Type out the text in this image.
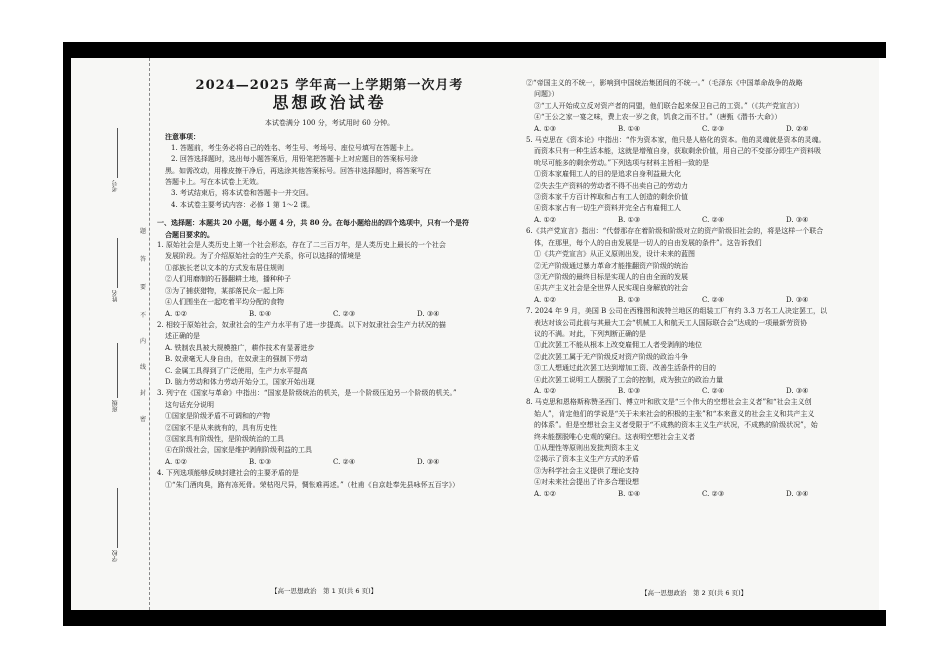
考号
姓名
班级
学校
题
答
要
不
内
线
封
密
2024—2025 学年高一上学期第一次月考
思想政治试卷
本试卷满分 100 分，考试用时 60 分钟。
注意事项：
1. 答题前，考生务必将自己的姓名、考生号、考场号、座位号填写在答题卡上。
2. 回答选择题时，选出每小题答案后，用铅笔把答题卡上对应题目的答案标号涂
黑。如需改动，用橡皮擦干净后，再选涂其他答案标号。回答非选择题时，将答案写在
答题卡上。写在本试卷上无效。
3. 考试结束后，将本试卷和答题卡一并交回。
4. 本试卷主要考试内容：必修 1 第 1～2 课。
一、选择题：本题共 20 小题，每小题 4 分，共 80 分。在每小题给出的四个选项中，只有一个是符
合题目要求的。
1. 原始社会是人类历史上第一个社会形态，存在了二三百万年，是人类历史上最长的一个社会
发展阶段。为了介绍原始社会的生产关系，你可以选择的情境是
①部族长老以文本的方式发布居住规则
②人们用磨制的石器翻耕土地，播种种子
③为了捕获猎物，某部落民众一起上阵
④人们围坐在一起吃着平均分配的食物
A. ①②	B. ①④	C. ②③	D. ③④
2. 相较于原始社会，奴隶社会的生产力水平有了进一步提高。以下对奴隶社会生产力状况的描
述正确的是
A. 铁制农具被大规模推广，耕作技术有显著进步
B. 奴隶毫无人身自由，在奴隶主的强制下劳动
C. 金属工具得到了广泛使用，生产力水平提高
D. 脑力劳动和体力劳动开始分工，国家开始出现
3. 列宁在《国家与革命》中指出：“国家是阶级统治的机关，是一个阶级压迫另一个阶级的机关。”
这句话充分说明
①国家是阶级矛盾不可调和的产物
②国家不是从来就有的，具有历史性
③国家具有阶级性，是阶级统治的工具
④在阶级社会，国家是维护剥削阶级利益的工具
A. ①②	B. ①③	C. ②④	D. ③④
4. 下列选项能够反映封建社会的主要矛盾的是
①“朱门酒肉臭，路有冻死骨。荣枯咫尺异，惆怅难再述。”（杜甫《自京赴奉先县咏怀五百字》）
②“帝国主义的不统一，影响到中国统治集团间的不统一。”（毛泽东《中国革命战争的战略
问题》）
③“工人开始成立反对资产者的同盟，他们联合起来保卫自己的工资。”（《共产党宣言》）
④“王公之家一宴之味，费上农一岁之食，饥食之而不甘。”（唐甄《潜书·大命》）
A. ①③	B. ①④	C. ②③	D. ②④
5. 马克思在《资本论》中指出：“作为资本家，他只是人格化的资本。他的灵魂就是资本的灵魂。
而资本只有一种生活本能，这就是增殖自身，获取剩余价值，用自己的不变部分即生产资料吸
吮尽可能多的剩余劳动。”下列选项与材料主旨相一致的是
①资本家雇佣工人的目的是追求自身利益最大化
②失去生产资料的劳动者不得不出卖自己的劳动力
③资本家千方百计榨取和占有工人创造的剩余价值
④资本家占有一切生产资料并完全占有雇佣工人
A. ①②	B. ①③	C. ②④	D. ③④
6.《共产党宣言》指出：“代替那存在着阶级和阶级对立的资产阶级旧社会的，将是这样一个联合
体，在那里，每个人的自由发展是一切人的自由发展的条件”。这告诉我们
①《共产党宣言》从正义原则出发，设计未来的蓝图
②无产阶级通过暴力革命才能推翻资产阶级的统治
③无产阶级的最终目标是实现人的自由全面的发展
④共产主义社会是全世界人民实现自身解放的社会
A. ①②	B. ①③	C. ②④	D. ③④
7. 2024 年 9 月，美国 B 公司在西雅图和波特兰地区的组装工厂有约 3.3 万名工人决定罢工，以
表达对该公司此前与其最大工会“机械工人和航天工人国际联合会”达成的一项最新劳资协
议的不满。对此，下列判断正确的是
①此次罢工不能从根本上改变雇佣工人者受剥削的地位
②此次罢工属于无产阶级反对资产阶级的政治斗争
③工人想通过此次罢工达到增加工资、改善生活条件的目的
④此次罢工说明工人摆脱了工会的控制，成为独立的政治力量
A. ①②	B. ①③	C. ②④	D. ③④
8. 马克思和恩格斯称赞圣西门、傅立叶和欧文是“三个伟大的空想社会主义者”和“社会主义创
始人”，肯定他们的学说是“关于未来社会的积极的主张”和“本来意义的社会主义和共产主义
的体系”。但是空想社会主义者受限于“不成熟的资本主义生产状况，不成熟的阶级状况”，始
终未能摆脱唯心史观的窠臼。这表明空想社会主义者
①从理性等原则出发批判资本主义
②揭示了资本主义生产方式的矛盾
③为科学社会主义提供了理论支持
④对未来社会提出了许多合理设想
A. ①②	B. ①④	C. ②③	D. ③④
【高一思想政治　第 1 页(共 6 页)】	【高一思想政治　第 2 页(共 6 页)】
